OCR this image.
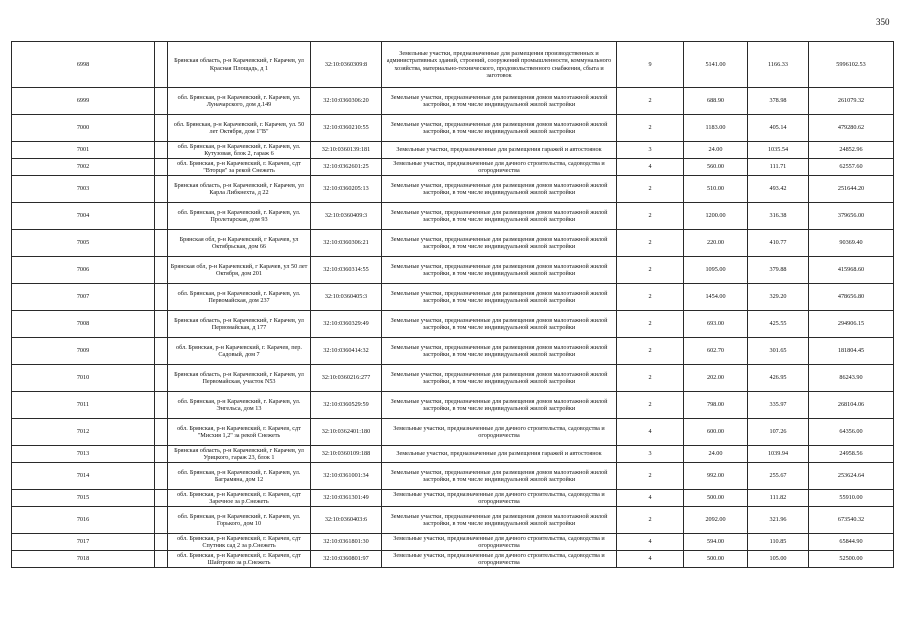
350
6998		Брянская область, р-н Карачевский, г Карачев, ул Красная Площадь, д 1	32:10:0360309:8	Земельные участки, предназначенные для размещения производственных и административных зданий, строений, сооружений промышленности, коммунального хозяйства, материально-технического, продовольственного снабжения, сбыта и заготовок	9	5141.00	1166.33	5996102.53
6999		обл. Брянская, р-н Карачевский, г. Карачев, ул. Луначарского, дом д.149	32:10:0360306:20	Земельные участки, предназначенные для размещения домов малоэтажной жилой застройки, в том числе индивидуальной жилой застройки	2	688.90	378.98	261079.32
7000		обл. Брянская, р-н Карачевский, г. Карачев, ул. 50 лет Октября, дом 1"В"	32:10:0360210:55	Земельные участки, предназначенные для размещения домов малоэтажной жилой застройки, в том числе индивидуальной жилой застройки	2	1183.00	405.14	479280.62
7001		обл. Брянская, р-н Карачевский, г. Карачев, ул. Кутузовая, блок 2, гараж 6	32:10:0360139:181	Земельные участки, предназначенные для размещения гаражей и автостоянок	3	24.00	1035.54	24852.96
7002		обл. Брянская, р-н Карачевский, г. Карачев, сдт "Вторця" за рекой Снежеть	32:10:0362601:25	Земельные участки, предназначенные для дачного строительства, садоводства и огородничества	4	560.00	111.71	62557.60
7003		Брянская область, р-н Карачевский, г Карачев, ул Карла Либкнехта, д 22	32:10:0360205:13	Земельные участки, предназначенные для размещения домов малоэтажной жилой застройки, в том числе индивидуальной жилой застройки	2	510.00	493.42	251644.20
7004		обл. Брянская, р-н Карачевский, г. Карачев, ул. Пролетарская, дом 93	32:10:0360409:3	Земельные участки, предназначенные для размещения домов малоэтажной жилой застройки, в том числе индивидуальной жилой застройки	2	1200.00	316.38	379656.00
7005		Брянская обл, р-н Карачевский, г Карачев, ул Октябрьская, дом 66	32:10:0360306:21	Земельные участки, предназначенные для размещения домов малоэтажной жилой застройки, в том числе индивидуальной жилой застройки	2	220.00	410.77	90369.40
7006		Брянская обл, р-н Карачевский, г Карачев, ул 50 лет Октября, дом 201	32:10:0360314:55	Земельные участки, предназначенные для размещения домов малоэтажной жилой застройки, в том числе индивидуальной жилой застройки	2	1095.00	379.88	415968.60
7007		обл. Брянская, р-н Карачевский, г. Карачев, ул. Первомайская, дом 237	32:10:0360405:3	Земельные участки, предназначенные для размещения домов малоэтажной жилой застройки, в том числе индивидуальной жилой застройки	2	1454.00	329.20	478656.80
7008		Брянская область, р-н Карачевский, г Карачев, ул Первомайская, д 177	32:10:0360329:49	Земельные участки, предназначенные для размещения домов малоэтажной жилой застройки, в том числе индивидуальной жилой застройки	2	693.00	425.55	294906.15
7009		обл. Брянская, р-н Карачевский, г. Карачев, пер. Садовый, дом 7	32:10:0360414:32	Земельные участки, предназначенные для размещения домов малоэтажной жилой застройки, в том числе индивидуальной жилой застройки	2	602.70	301.65	181804.45
7010		Брянская область, р-н Карачевский, г Карачев, ул Первомайская, участок N53	32:10:0360216:277	Земельные участки, предназначенные для размещения домов малоэтажной жилой застройки, в том числе индивидуальной жилой застройки	2	202.00	426.95	86243.90
7011		обл. Брянская, р-н Карачевский, г. Карачев, ул. Энгельса, дом 13	32:10:0360529:59	Земельные участки, предназначенные для размещения домов малоэтажной жилой застройки, в том числе индивидуальной жилой застройки	2	798.00	335.97	268104.06
7012		обл. Брянская, р-н Карачевский, г. Карачев, сдт "Мисхия 1,2" за рекой Снежеть	32:10:0362401:180	Земельные участки, предназначенные для дачного строительства, садоводства и огородничества	4	600.00	107.26	64356.00
7013		Брянская область, р-н Карачевский, г Карачев, ул Урицкого, гараж 23, блок 1	32:10:0360109:188	Земельные участки, предназначенные для размещения гаражей и автостоянок	3	24.00	1039.94	24958.56
7014		обл. Брянская, р-н Карачевский, г. Карачев, ул. Баграмяна, дом 12	32:10:0361001:34	Земельные участки, предназначенные для размещения домов малоэтажной жилой застройки, в том числе индивидуальной жилой застройки	2	992.00	255.67	253624.64
7015		обл. Брянская, р-н Карачевский, г. Карачев, сдт Заречное за р.Снежеть	32:10:0361301:49	Земельные участки, предназначенные для дачного строительства, садоводства и огородничества	4	500.00	111.82	55910.00
7016		обл. Брянская, р-н Карачевский, г. Карачев, ул. Горького, дом 10	32:10:0360403:6	Земельные участки, предназначенные для размещения домов малоэтажной жилой застройки, в том числе индивидуальной жилой застройки	2	2092.00	321.96	673540.32
7017		обл. Брянская, р-н Карачевский, г. Карачев, сдт Спутник сад 2 за р.Снежеть	32:10:0361801:30	Земельные участки, предназначенные для дачного строительства, садоводства и огородничества	4	594.00	110.85	65844.90
7018		обл. Брянская, р-н Карачевский, г. Карачев, сдт Шайтрово за р.Снежеть	32:10:0360801:97	Земельные участки, предназначенные для дачного строительства, садоводства и огородничества	4	500.00	105.00	52500.00
